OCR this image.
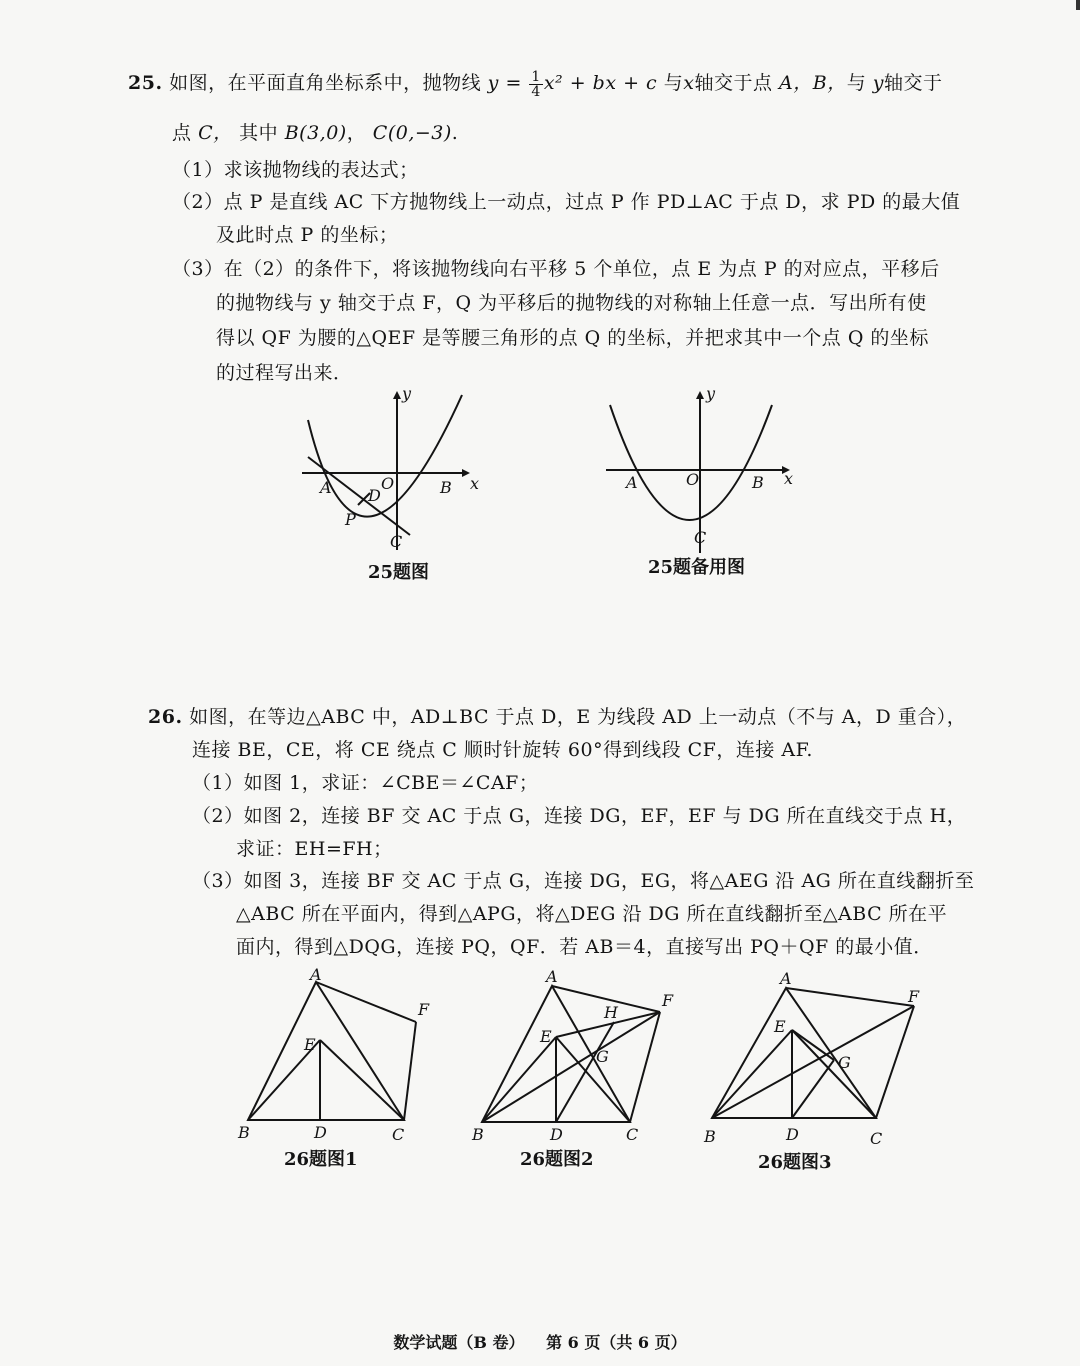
25. 如图，在平面直角坐标系中，抛物线 $y = \frac{1}{4} x^2$ + bx + c 与x轴交于点 A，B，与 y轴交于
点 C， 其中 B(3,0)， C(0,−3).
（1）求该抛物线的表达式；
（2）点 P 是直线 AC 下方抛物线上一动点，过点 P 作 PD⊥AC 于点 D，求 PD 的最大值
及此时点 P 的坐标；
（3）在（2）的条件下，将该抛物线向右平移 5 个单位，点 E 为点 P 的对应点，平移后
的抛物线与 y 轴交于点 F，Q 为平移后的抛物线的对称轴上任意一点．写出所有使
得以 QF 为腰的△QEF 是等腰三角形的点 Q 的坐标，并把求其中一个点 Q 的坐标
的过程写出来．
y
x
A	B
O
D
P
C
25题图
y
x
A	B
O
C
25题备用图
26. 如图，在等边△ABC 中，AD⊥BC 于点 D，E 为线段 AD 上一动点（不与 A，D 重合），
连接 BE，CE，将 CE 绕点 C 顺时针旋转 60°得到线段 CF，连接 AF.
（1）如图 1，求证：∠CBE＝∠CAF；
（2）如图 2，连接 BF 交 AC 于点 G，连接 DG，EF，EF 与 DG 所在直线交于点 H，
求证：EH=FH；
（3）如图 3，连接 BF 交 AC 于点 G，连接 DG，EG，将△AEG 沿 AG 所在直线翻折至
△ABC 所在平面内，得到△APG，将△DEG 沿 DG 所在直线翻折至△ABC 所在平
面内，得到△DQG，连接 PQ，QF．若 AB＝4，直接写出 PQ＋QF 的最小值．
A
F
E
B	D	C
26题图1
A
F
H
E
G
B	D	C
26题图2
A
F
E
G
B	D	C
26题图3
数学试题（B 卷） 第 6 页（共 6 页）
